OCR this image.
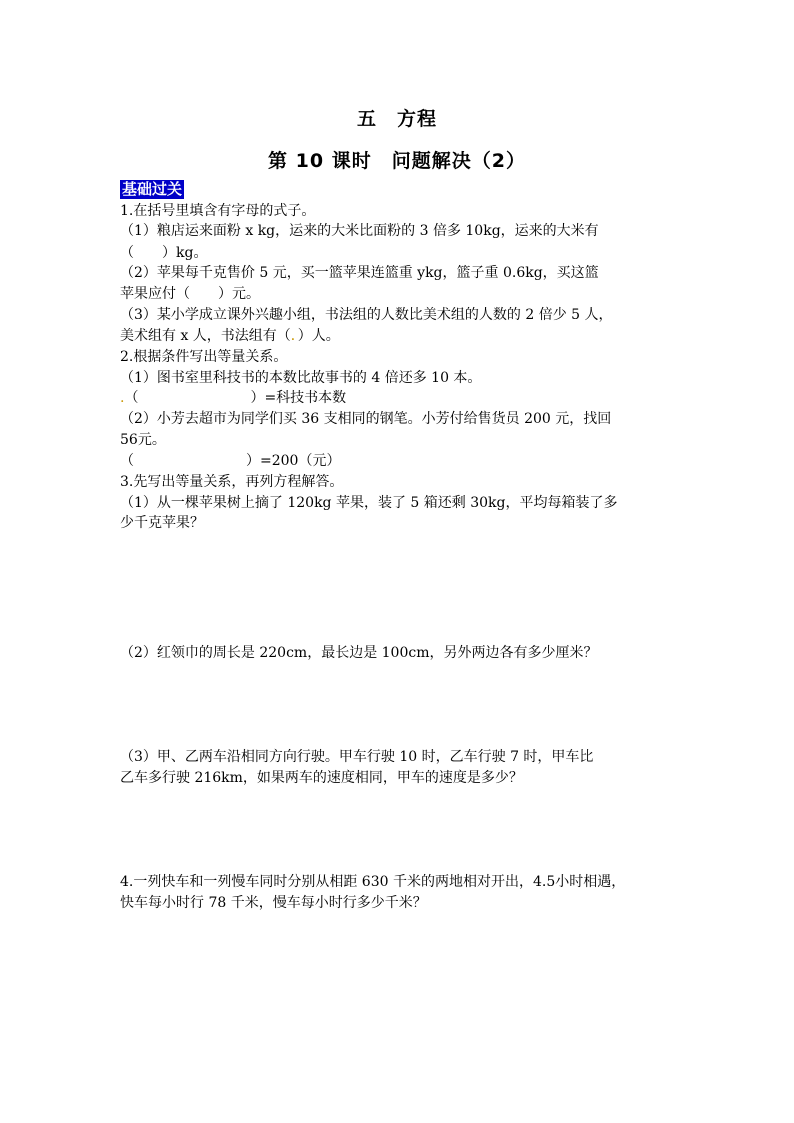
五　方程
第 10 课时　问题解决（2）
基础过关
1.在括号里填含有字母的式子。
（1）粮店运来面粉 x kg，运来的大米比面粉的 3 倍多 10kg，运来的大米有
（　　）kg。
（2）苹果每千克售价 5 元，买一篮苹果连篮重 ykg，篮子重 0.6kg，买这篮
苹果应付（　　）元。
（3）某小学成立课外兴趣小组，书法组的人数比美术组的人数的 2 倍少 5 人，
美术组有 x 人，书法组有（．）人。
2.根据条件写出等量关系。
（1）图书室里科技书的本数比故事书的 4 倍还多 10 本。
.（　　　　　　　　）=科技书本数
（2）小芳去超市为同学们买 36 支相同的钢笔。小芳付给售货员 200 元，找回
56元。
（　　　　　　　　）=200（元）
3.先写出等量关系，再列方程解答。
（1）从一棵苹果树上摘了 120kg 苹果，装了 5 箱还剩 30kg，平均每箱装了多
少千克苹果？
（2）红领巾的周长是 220cm，最长边是 100cm，另外两边各有多少厘米？
（3）甲、乙两车沿相同方向行驶。甲车行驶 10 时，乙车行驶 7 时，甲车比
乙车多行驶 216km，如果两车的速度相同，甲车的速度是多少？
4.一列快车和一列慢车同时分别从相距 630 千米的两地相对开出，4.5小时相遇，
快车每小时行 78 千米，慢车每小时行多少千米？
